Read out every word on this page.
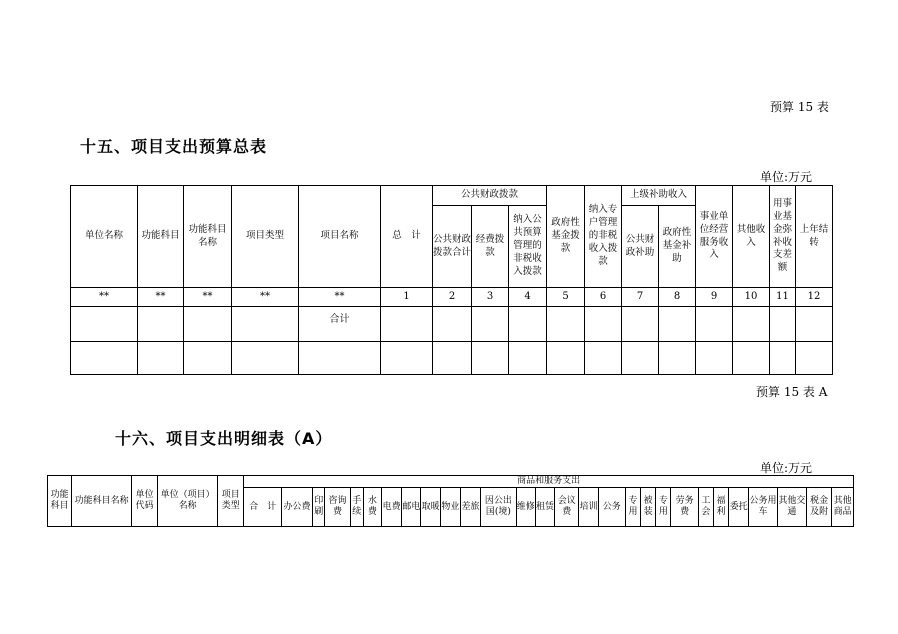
预算 15 表
十五、项目支出预算总表
单位:万元
单位名称	功能科目	功能科目名称	项目类型	项目名称	总　计	公共财政拨款			政府性基金拨款	纳入专户管理的非税收入拨款	上级补助收入		事业单位经营服务收入	其他收入	用事业基金弥补收支差额	上年结转
						公共财政拨款合计	经费拨款	纳入公共预算管理的非税收入拨款			公共财政补助	政府性基金补助				
**	**	**	**	**	1	2	3	4	5	6	7	8	9	10	11	12
				合计												

预算 15 表 A
十六、项目支出明细表（A）
单位:万元
功能科目	功能科目名称	单位代码	单位（项目）名称	项目类型	商品和服务支出																											
					合　计	办公费	印刷	咨询费	手续	水费	电费	邮电	取暖	物业	差旅	因公出国(境)	维修	租赁	会议费	培训	公务	专用	被装	专用	劳务费	工会	福利	委托	公务用车	其他交通	税金及附	其他商品
